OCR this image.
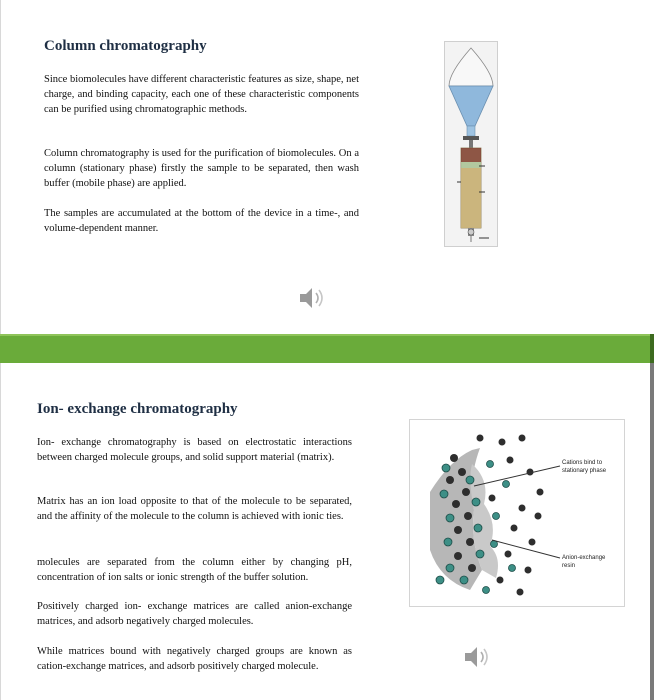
Column chromatography

Since biomolecules have different characteristic features as size, shape, net charge, and binding capacity, each one of these characteristic components can be purified using chromatographic methods.

Column chromatography is used for the purification of biomolecules. On a column (stationary phase) firstly the sample to be separated, then wash buffer (mobile phase) are applied.

The samples are accumulated at the bottom of the device in a time-, and volume-dependent manner.

Ion- exchange chromatography

Ion- exchange chromatography is based on electrostatic interactions between charged molecule groups, and solid support material (matrix).

Matrix has an ion load opposite to that of the molecule to be separated, and the affinity of the molecule to the column is achieved with ionic ties.

molecules are separated from the column either by changing pH, concentration of ion salts or ionic strength of the buffer solution.

Positively charged ion- exchange matrices are called anion-exchange matrices, and adsorb negatively charged molecules.

While matrices bound with negatively charged groups are known as cation-exchange matrices, and adsorb positively charged molecule.

Cations bind to
stationary phase
Anion-exchange
resin
